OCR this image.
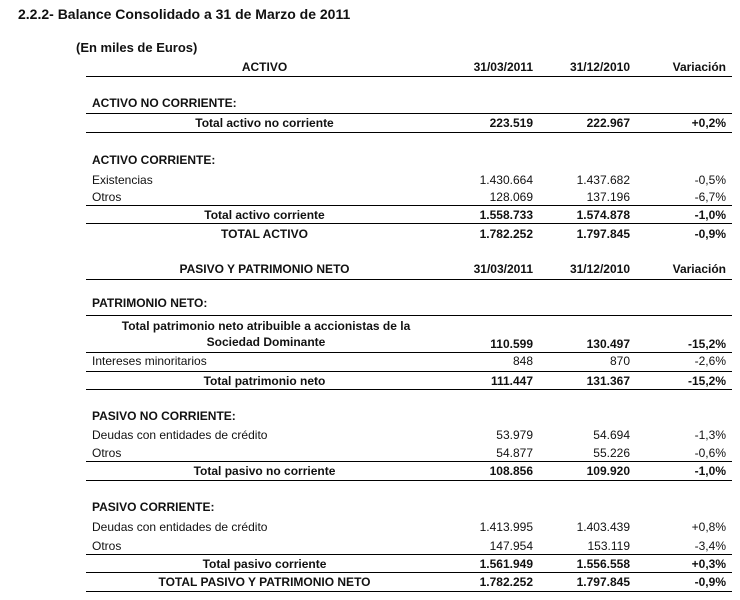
2.2.2- Balance Consolidado a 31 de Marzo de 2011
(En miles de Euros)
ACTIVO	31/03/2011	31/12/2010	Variación
ACTIVO NO CORRIENTE:
Total activo no corriente	223.519	222.967	+0,2%
ACTIVO CORRIENTE:
Existencias	1.430.664	1.437.682	-0,5%
Otros	128.069	137.196	-6,7%
Total activo corriente	1.558.733	1.574.878	-1,0%
TOTAL ACTIVO	1.782.252	1.797.845	-0,9%
PASIVO Y PATRIMONIO NETO	31/03/2011	31/12/2010	Variación
PATRIMONIO NETO:
Total patrimonio neto atribuible a accionistas de la
Sociedad Dominante	110.599	130.497	-15,2%
Intereses minoritarios	848	870	-2,6%
Total patrimonio neto	111.447	131.367	-15,2%
PASIVO NO CORRIENTE:
Deudas con entidades de crédito	53.979	54.694	-1,3%
Otros	54.877	55.226	-0,6%
Total pasivo no corriente	108.856	109.920	-1,0%
PASIVO CORRIENTE:
Deudas con entidades de crédito	1.413.995	1.403.439	+0,8%
Otros	147.954	153.119	-3,4%
Total pasivo corriente	1.561.949	1.556.558	+0,3%
TOTAL PASIVO Y PATRIMONIO NETO	1.782.252	1.797.845	-0,9%
